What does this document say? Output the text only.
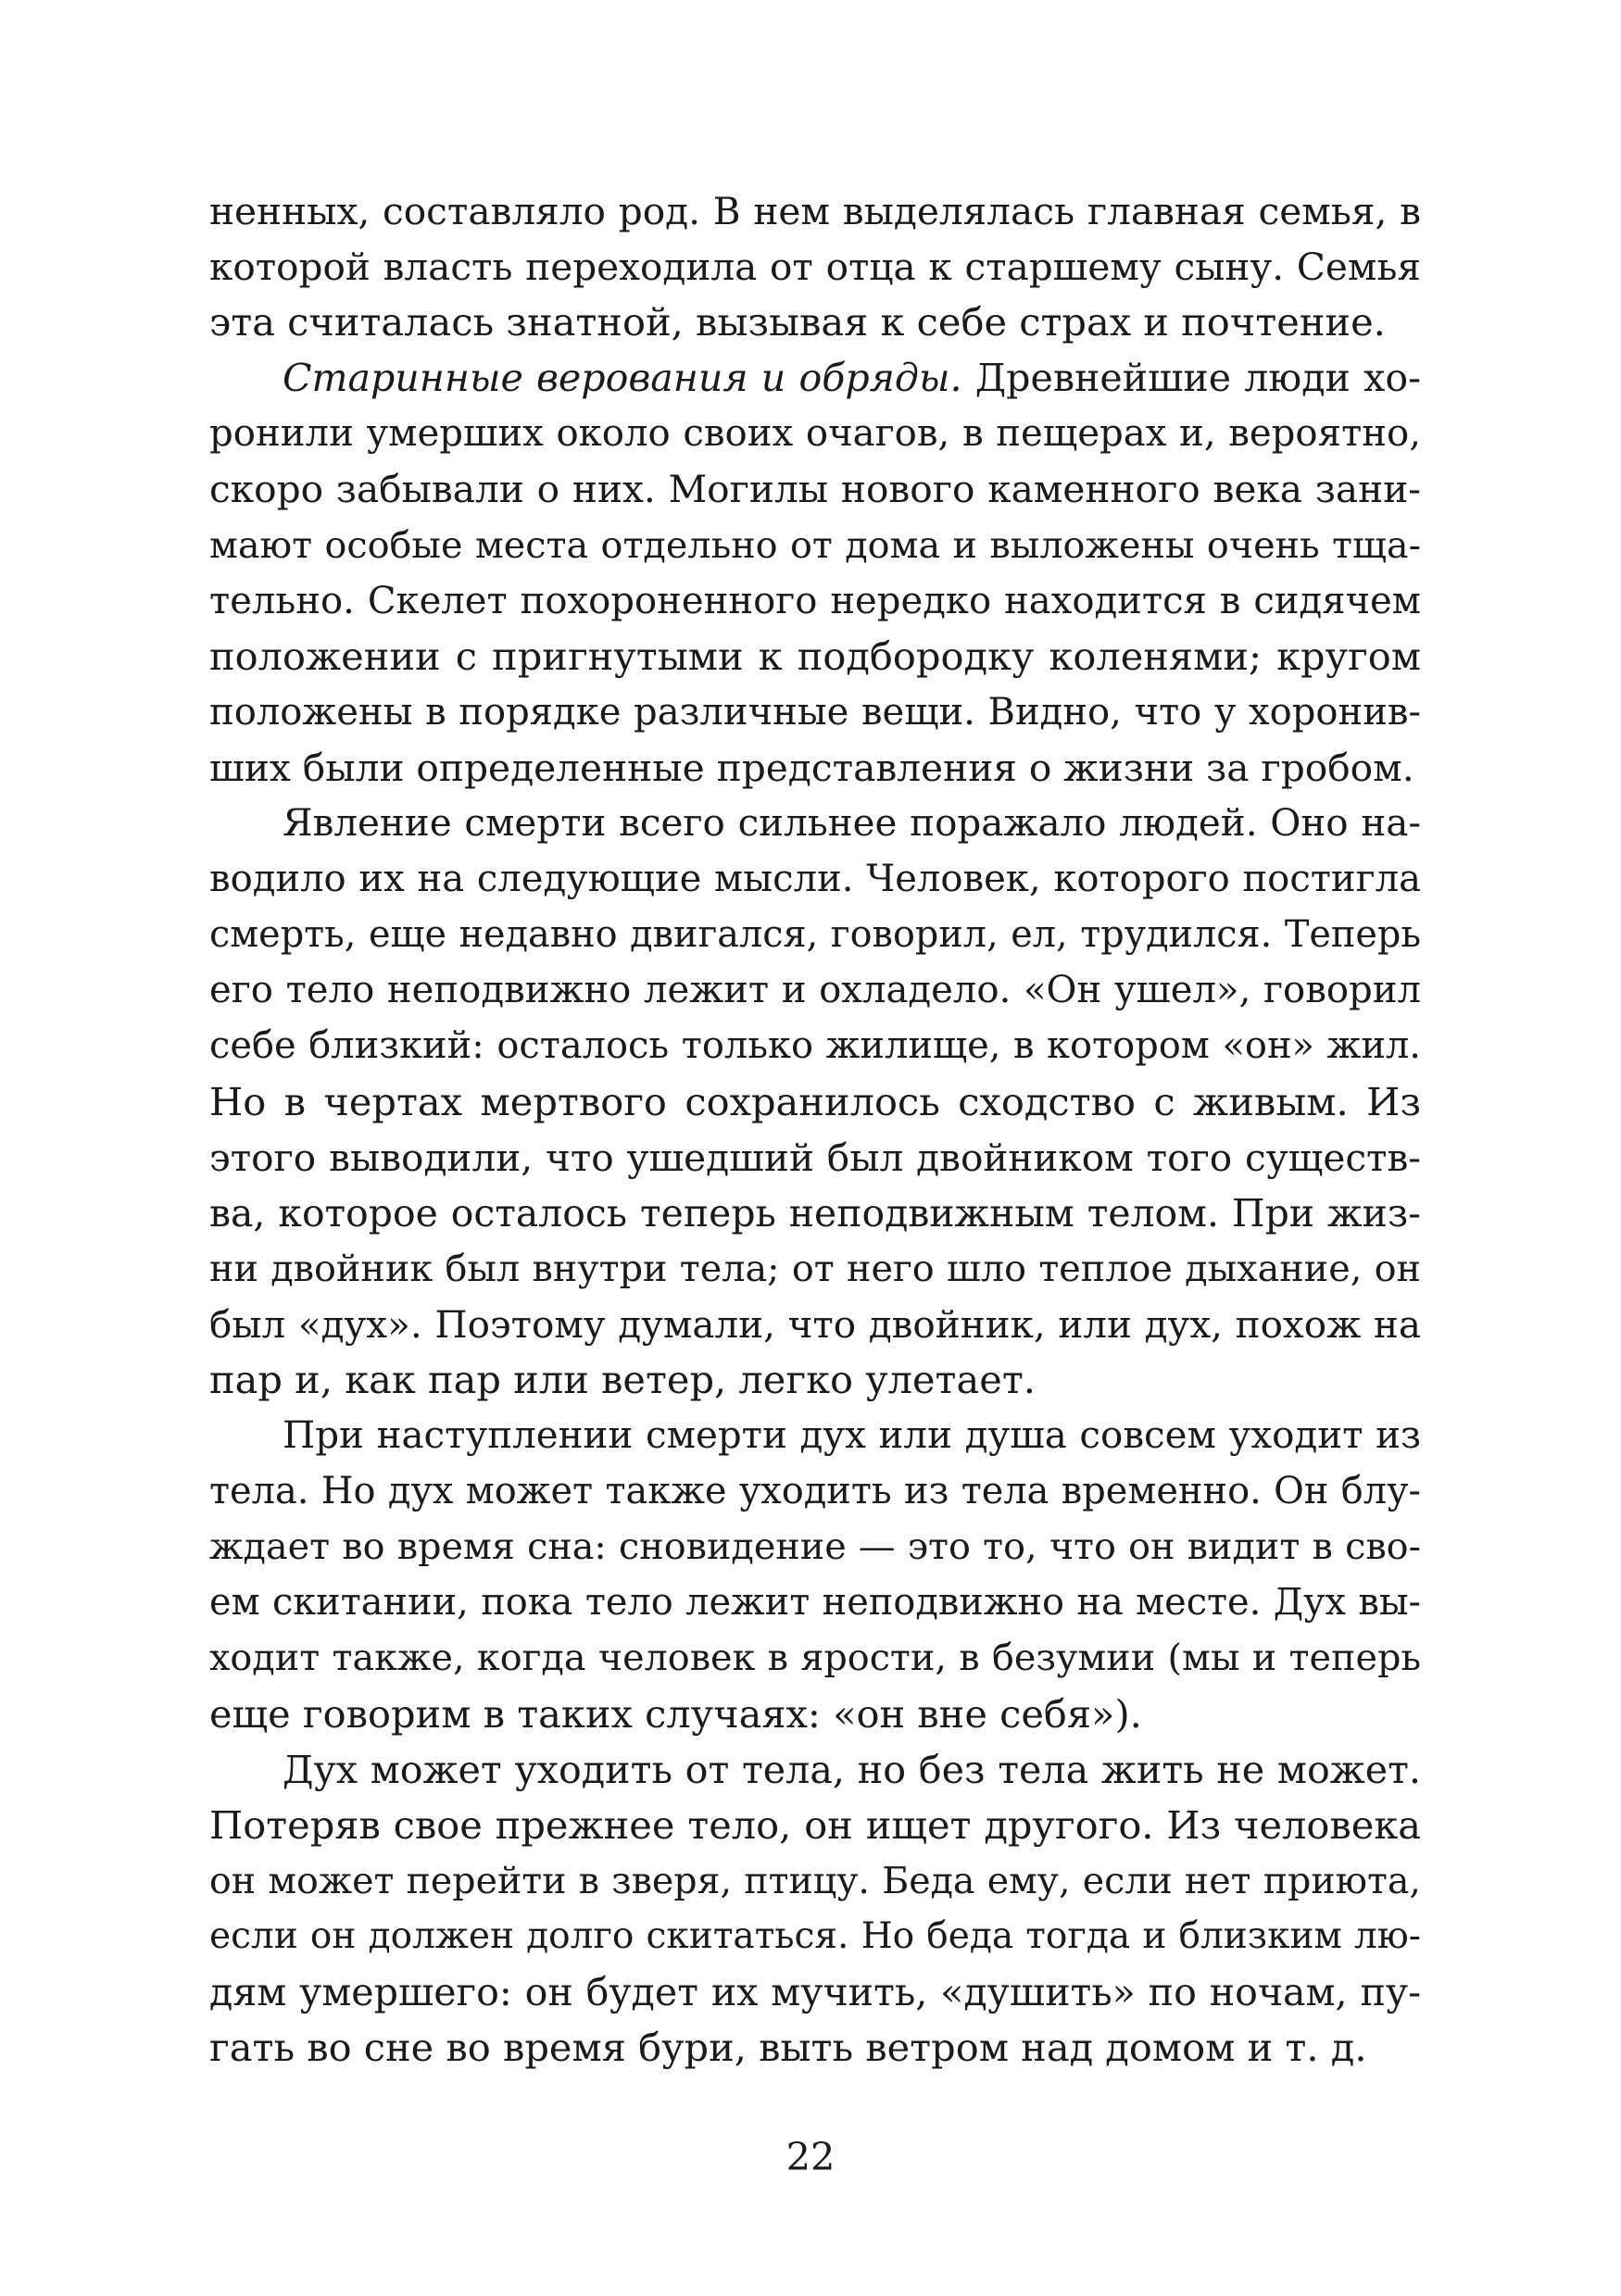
ненных, составляло род. В нем выделялась главная семья, в
которой власть переходила от отца к старшему сыну. Семья
эта считалась знатной, вызывая к себе страх и почтение.
Старинные верования и обряды. Древнейшие люди хо-
ронили умерших около своих очагов, в пещерах и, вероятно,
скоро забывали о них. Могилы нового каменного века зани-
мают особые места отдельно от дома и выложены очень тща-
тельно. Скелет похороненного нередко находится в сидячем
положении с пригнутыми к подбородку коленями; кругом
положены в порядке различные вещи. Видно, что у хоронив-
ших были определенные представления о жизни за гробом.
Явление смерти всего сильнее поражало людей. Оно на-
водило их на следующие мысли. Человек, которого постигла
смерть, еще недавно двигался, говорил, ел, трудился. Теперь
его тело неподвижно лежит и охладело. «Он ушел», говорил
себе близкий: осталось только жилище, в котором «он» жил.
Но в чертах мертвого сохранилось сходство с живым. Из
этого выводили, что ушедший был двойником того существ-
ва, которое осталось теперь неподвижным телом. При жиз-
ни двойник был внутри тела; от него шло теплое дыхание, он
был «дух». Поэтому думали, что двойник, или дух, похож на
пар и, как пар или ветер, легко улетает.
При наступлении смерти дух или душа совсем уходит из
тела. Но дух может также уходить из тела временно. Он блу-
ждает во время сна: сновидение — это то, что он видит в сво-
ем скитании, пока тело лежит неподвижно на месте. Дух вы-
ходит также, когда человек в ярости, в безумии (мы и теперь
еще говорим в таких случаях: «он вне себя»).
Дух может уходить от тела, но без тела жить не может.
Потеряв свое прежнее тело, он ищет другого. Из человека
он может перейти в зверя, птицу. Беда ему, если нет приюта,
если он должен долго скитаться. Но беда тогда и близким лю-
дям умершего: он будет их мучить, «душить» по ночам, пу-
гать во сне во время бури, выть ветром над домом и т. д.
22
